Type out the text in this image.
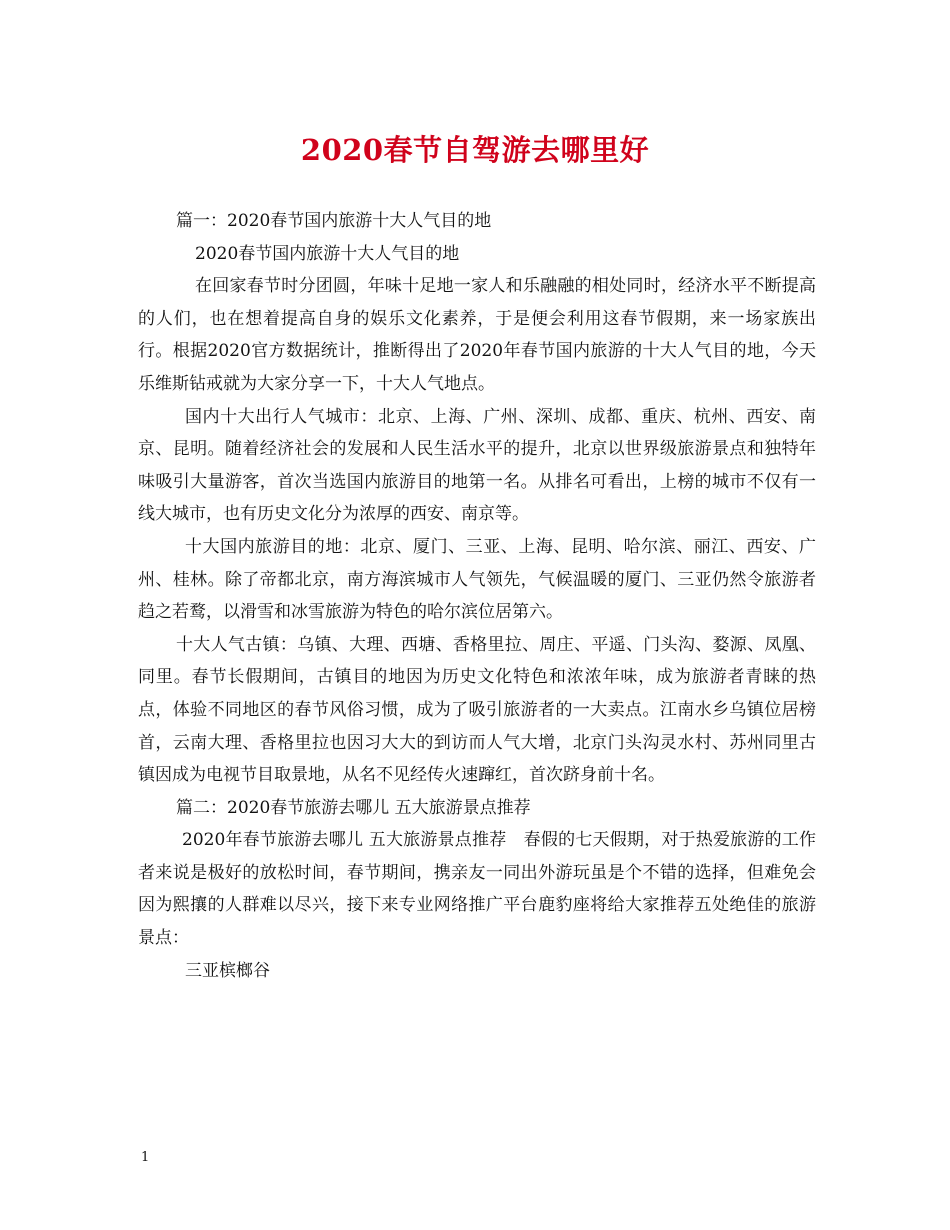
2020春节自驾游去哪里好

篇一：2020春节国内旅游十大人气目的地

2020春节国内旅游十大人气目的地

在回家春节时分团圆，年味十足地一家人和乐融融的相处同时，经济水平不断提高的人们，也在想着提高自身的娱乐文化素养，于是便会利用这春节假期，来一场家族出行。根据2020官方数据统计，推断得出了2020年春节国内旅游的十大人气目的地，今天乐维斯钻戒就为大家分享一下，十大人气地点。

国内十大出行人气城市：北京、上海、广州、深圳、成都、重庆、杭州、西安、南京、昆明。随着经济社会的发展和人民生活水平的提升，北京以世界级旅游景点和独特年味吸引大量游客，首次当选国内旅游目的地第一名。从排名可看出，上榜的城市不仅有一线大城市，也有历史文化分为浓厚的西安、南京等。

十大国内旅游目的地：北京、厦门、三亚、上海、昆明、哈尔滨、丽江、西安、广州、桂林。除了帝都北京，南方海滨城市人气领先，气候温暖的厦门、三亚仍然令旅游者趋之若鹜，以滑雪和冰雪旅游为特色的哈尔滨位居第六。

十大人气古镇：乌镇、大理、西塘、香格里拉、周庄、平遥、门头沟、婺源、凤凰、同里。春节长假期间，古镇目的地因为历史文化特色和浓浓年味，成为旅游者青睐的热点，体验不同地区的春节风俗习惯，成为了吸引旅游者的一大卖点。江南水乡乌镇位居榜首，云南大理、香格里拉也因习大大的到访而人气大增，北京门头沟灵水村、苏州同里古镇因成为电视节目取景地，从名不见经传火速蹿红，首次跻身前十名。

篇二：2020春节旅游去哪儿 五大旅游景点推荐

2020年春节旅游去哪儿 五大旅游景点推荐　春假的七天假期，对于热爱旅游的工作者来说是极好的放松时间，春节期间，携亲友一同出外游玩虽是个不错的选择，但难免会因为熙攘的人群难以尽兴，接下来专业网络推广平台鹿豹座将给大家推荐五处绝佳的旅游景点：

三亚槟榔谷

1
